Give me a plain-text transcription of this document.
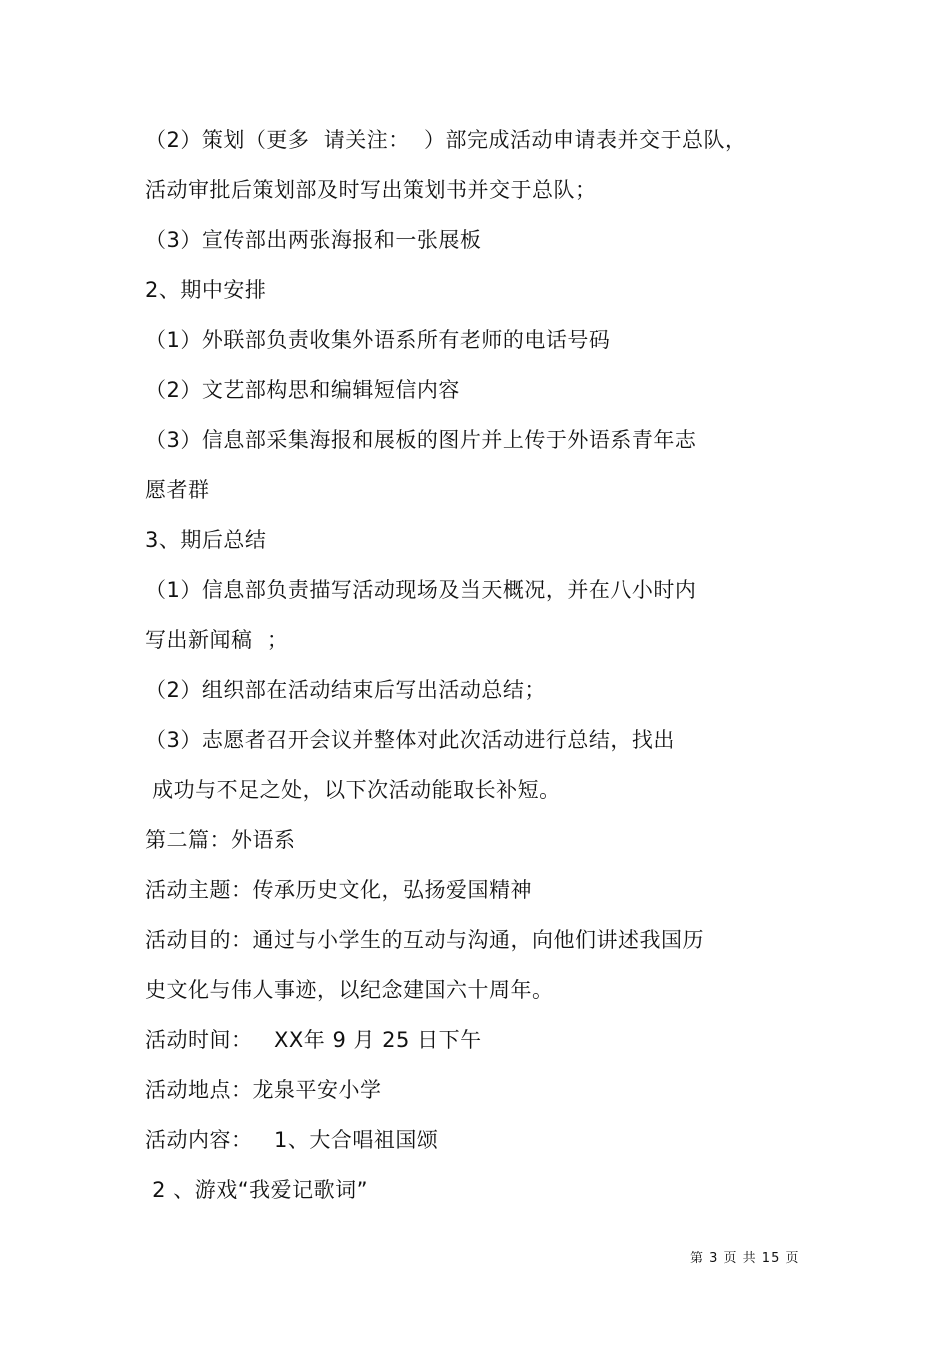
（2）策划（更多  请关注：  ）部完成活动申请表并交于总队，
活动审批后策划部及时写出策划书并交于总队；
（3）宣传部出两张海报和一张展板
2、期中安排
（1）外联部负责收集外语系所有老师的电话号码
（2）文艺部构思和编辑短信内容
（3）信息部采集海报和展板的图片并上传于外语系青年志
愿者群
3、期后总结
（1）信息部负责描写活动现场及当天概况，并在八小时内
写出新闻稿  ；
（2）组织部在活动结束后写出活动总结；
（3）志愿者召开会议并整体对此次活动进行总结，找出
成功与不足之处，以下次活动能取长补短。
第二篇：外语系
活动主题：传承历史文化，弘扬爱国精神
活动目的：通过与小学生的互动与沟通，向他们讲述我国历
史文化与伟人事迹，以纪念建国六十周年。
活动时间：   XX年 9 月 25 日下午
活动地点：龙泉平安小学
活动内容：   1、大合唱祖国颂
2 、游戏“我爱记歌词”
第 3 页 共 15 页
